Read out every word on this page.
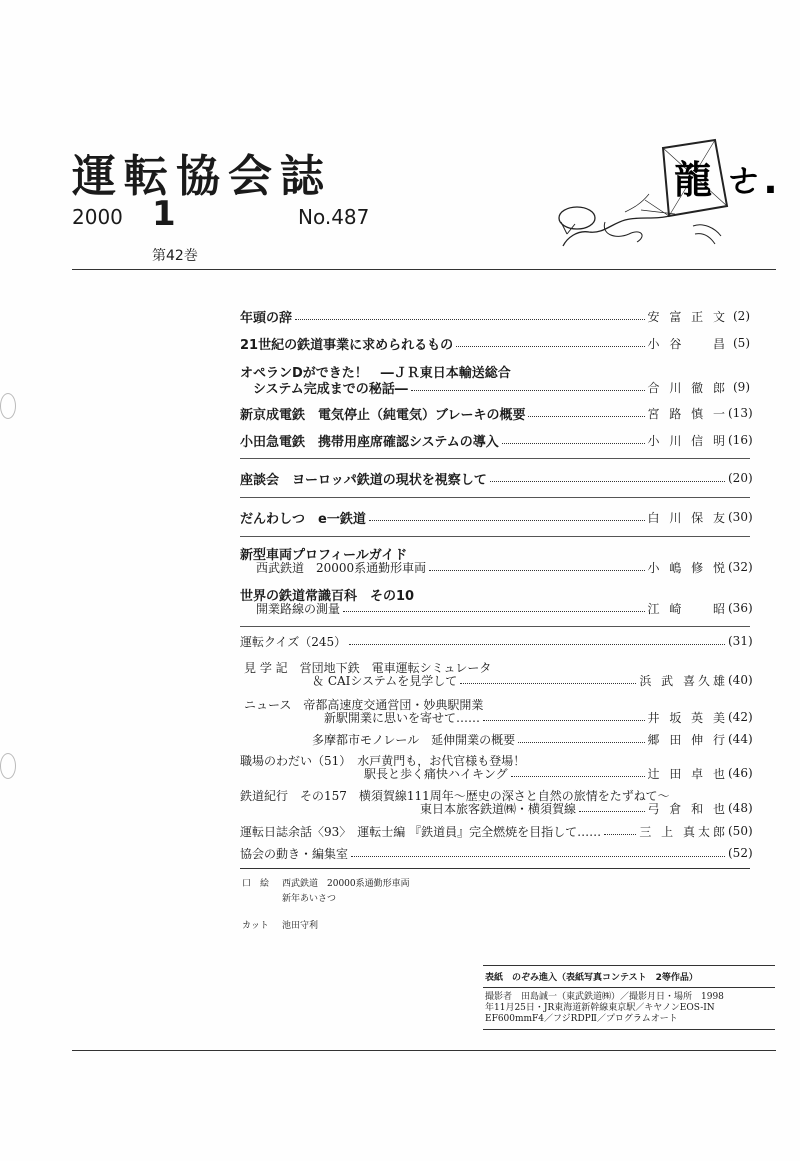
運転協会誌
2000 1	No.487
第42巻
龍 ㄜ.
年頭の辞	安 富 正 文 (2)
21世紀の鉄道事業に求められるもの	小 谷 　 昌 (5)
オペランDができた！　―ＪＲ東日本輸送総合
　システム完成までの秘話―	合 川 徹 郎 (9)
新京成電鉄　電気停止（純電気）ブレーキの概要	宮 路 慎 一 (13)
小田急電鉄　携帯用座席確認システムの導入	小 川 信 明 (16)
座談会　ヨーロッパ鉄道の現状を視察して	(20)
だんわしつ　e一鉄道	白 川 保 友 (30)
新型車両プロフィールガイド
西武鉄道　20000系通勤形車両	小 嶋 修 悦 (32)
世界の鉄道常識百科　その10
開業路線の測量	江 崎 　 昭 (36)
運転クイズ（245）	(31)
見 学 記　営団地下鉄　電車運転シミュレータ
＆ CAIシステムを見学して	浜 武 喜久雄 (40)
ニュース　帝都高速度交通営団・妙典駅開業
新駅開業に思いを寄せて……	井 坂 英 美 (42)
多摩都市モノレール　延伸開業の概要	郷 田 伸 行 (44)
職場のわだい（51）　水戸黄門も，お代官様も登場！
駅長と歩く痛快ハイキング	辻 田 卓 也 (46)
鉄道紀行　その157　横須賀線111周年～歴史の深さと自然の旅情をたずねて～
東日本旅客鉄道㈱・横須賀線	弓 倉 和 也 (48)
運転日誌余話〈93〉　運転士編 『鉄道員』完全燃焼を目指して……	三 上 真太郎 (50)
協会の動き・編集室	(52)
口　絵 西武鉄道　20000系通勤形車両
新年あいさつ
カット 池田守利
表紙　のぞみ進入（表紙写真コンテスト　2等作品）
撮影者　田島誠一（東武鉄道㈱）／撮影月日・場所　1998
年11月25日・JR東海道新幹線東京駅／キヤノンEOS-IN
EF600mmF4／フジRDPⅡ／プログラムオート
